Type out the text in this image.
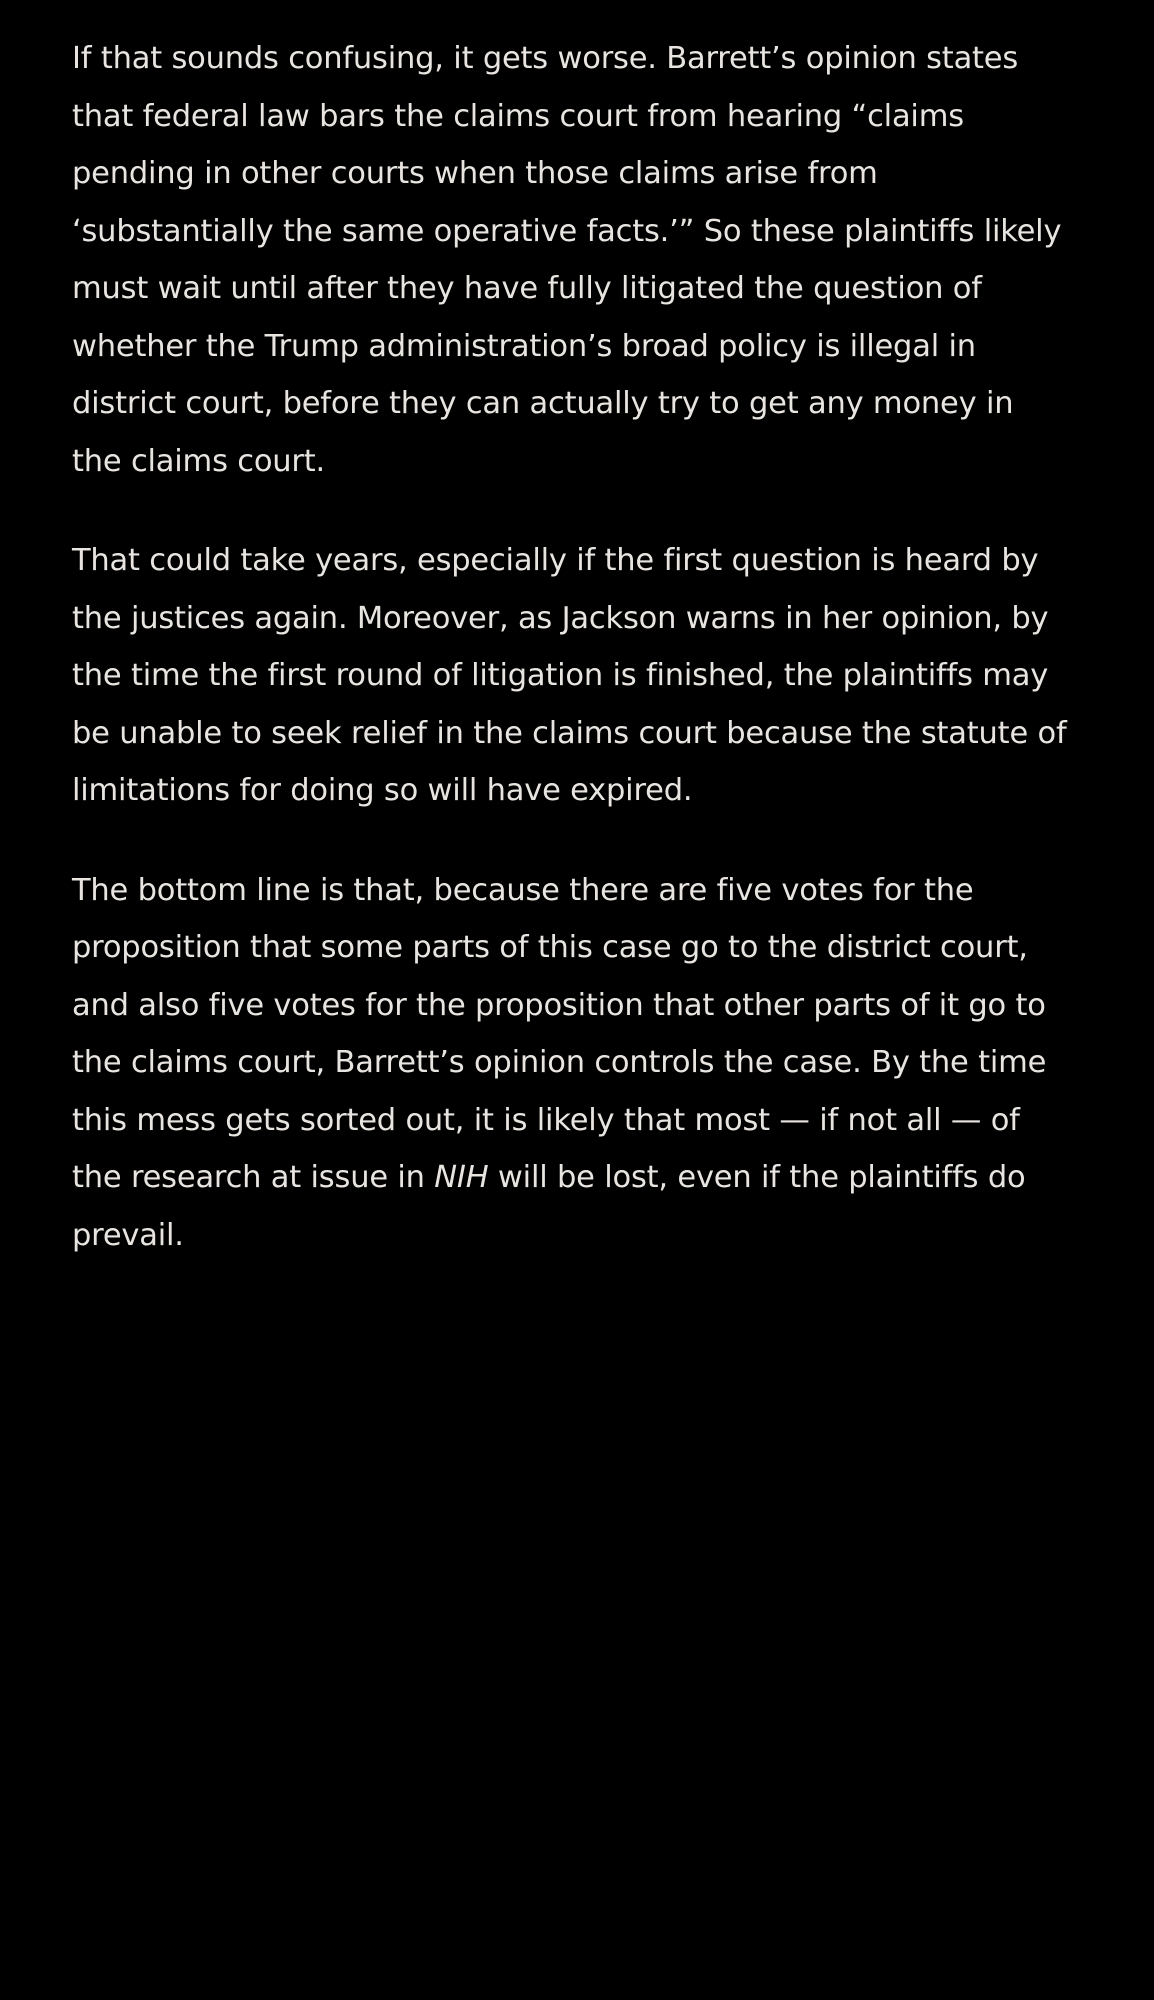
If that sounds confusing, it gets worse. Barrett’s opinion states that federal law bars the claims court from hearing “claims pending in other courts when those claims arise from ‘substantially the same operative facts.’” So these plaintiffs likely must wait until after they have fully litigated the question of whether the Trump administration’s broad policy is illegal in district court, before they can actually try to get any money in the claims court.

That could take years, especially if the first question is heard by the justices again. Moreover, as Jackson warns in her opinion, by the time the first round of litigation is finished, the plaintiffs may be unable to seek relief in the claims court because the statute of limitations for doing so will have expired.

The bottom line is that, because there are five votes for the proposition that some parts of this case go to the district court, and also five votes for the proposition that other parts of it go to the claims court, Barrett’s opinion controls the case. By the time this mess gets sorted out, it is likely that most — if not all — of the research at issue in NIH will be lost, even if the plaintiffs do prevail.
